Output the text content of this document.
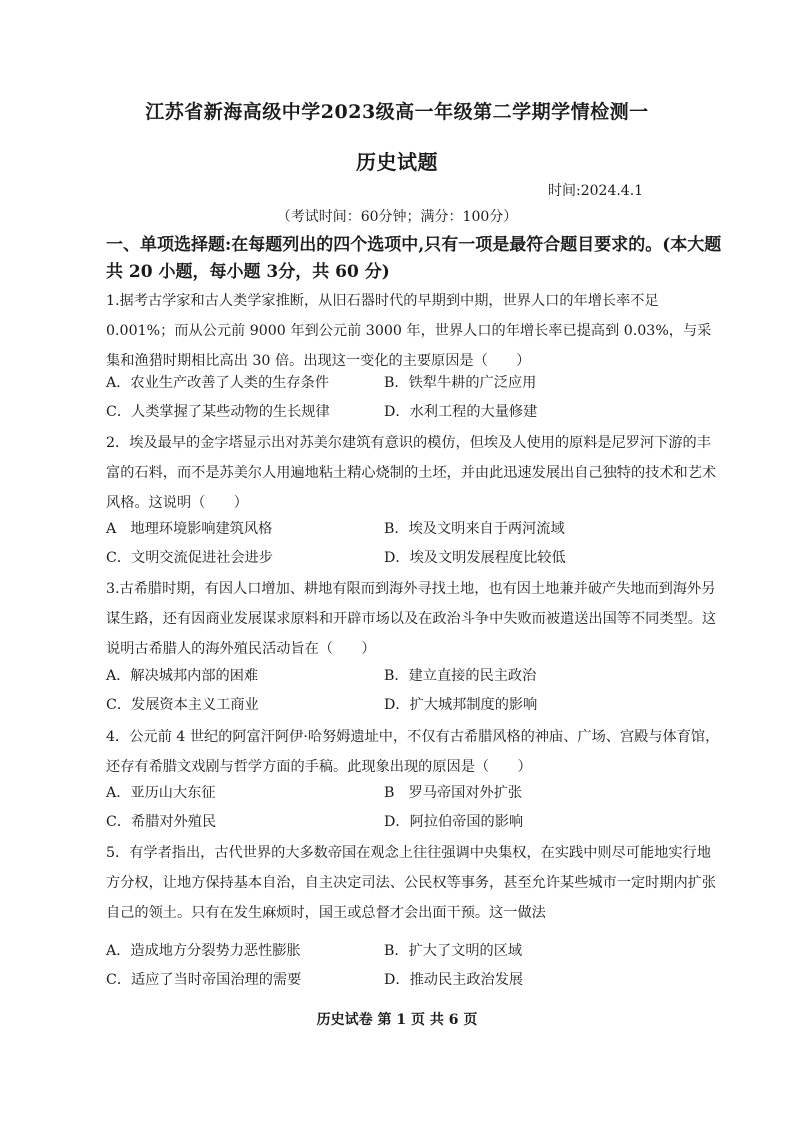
江苏省新海高级中学2023级高一年级第二学期学情检测一
历史试题
时间:2024.4.1
（考试时间：60分钟；满分：100分）
一、单项选择题:在每题列出的四个选项中,只有一项是最符合题目要求的。(本大题共 20 小题，每小题 3分，共 60 分)
1.据考古学家和古人类学家推断，从旧石器时代的早期到中期，世界人口的年增长率不足0.001%；而从公元前 9000 年到公元前 3000 年，世界人口的年增长率已提高到 0.03%，与采集和渔猎时期相比高出 30 倍。出现这一变化的主要原因是（　　）
A．农业生产改善了人类的生存条件	B．铁犁牛耕的广泛应用
C．人类掌握了某些动物的生长规律	D．水利工程的大量修建
2．埃及最早的金字塔显示出对苏美尔建筑有意识的模仿，但埃及人使用的原料是尼罗河下游的丰富的石料，而不是苏美尔人用遍地粘土精心烧制的土坯，并由此迅速发展出自己独特的技术和艺术风格。这说明（　　）
A　地理环境影响建筑风格	B．埃及文明来自于两河流域
C．文明交流促进社会进步	D．埃及文明发展程度比较低
3.古希腊时期，有因人口增加、耕地有限而到海外寻找土地，也有因土地兼并破产失地而到海外另谋生路，还有因商业发展谋求原料和开辟市场以及在政治斗争中失败而被遣送出国等不同类型。这说明古希腊人的海外殖民活动旨在（　　）
A．解决城邦内部的困难	B．建立直接的民主政治
C．发展资本主义工商业	D．扩大城邦制度的影响
4．公元前 4 世纪的阿富汗阿伊·哈努姆遗址中，不仅有古希腊风格的神庙、广场、宫殿与体育馆，还存有希腊文戏剧与哲学方面的手稿。此现象出现的原因是（　　）
A．亚历山大东征	B　罗马帝国对外扩张
C．希腊对外殖民	D．阿拉伯帝国的影响
5．有学者指出，古代世界的大多数帝国在观念上往往强调中央集权，在实践中则尽可能地实行地方分权，让地方保持基本自治，自主决定司法、公民权等事务，甚至允许某些城市一定时期内扩张自己的领土。只有在发生麻烦时，国王或总督才会出面干预。这一做法
A．造成地方分裂势力恶性膨胀	B．扩大了文明的区域
C．适应了当时帝国治理的需要	D．推动民主政治发展
历史试卷 第 1 页 共 6 页
